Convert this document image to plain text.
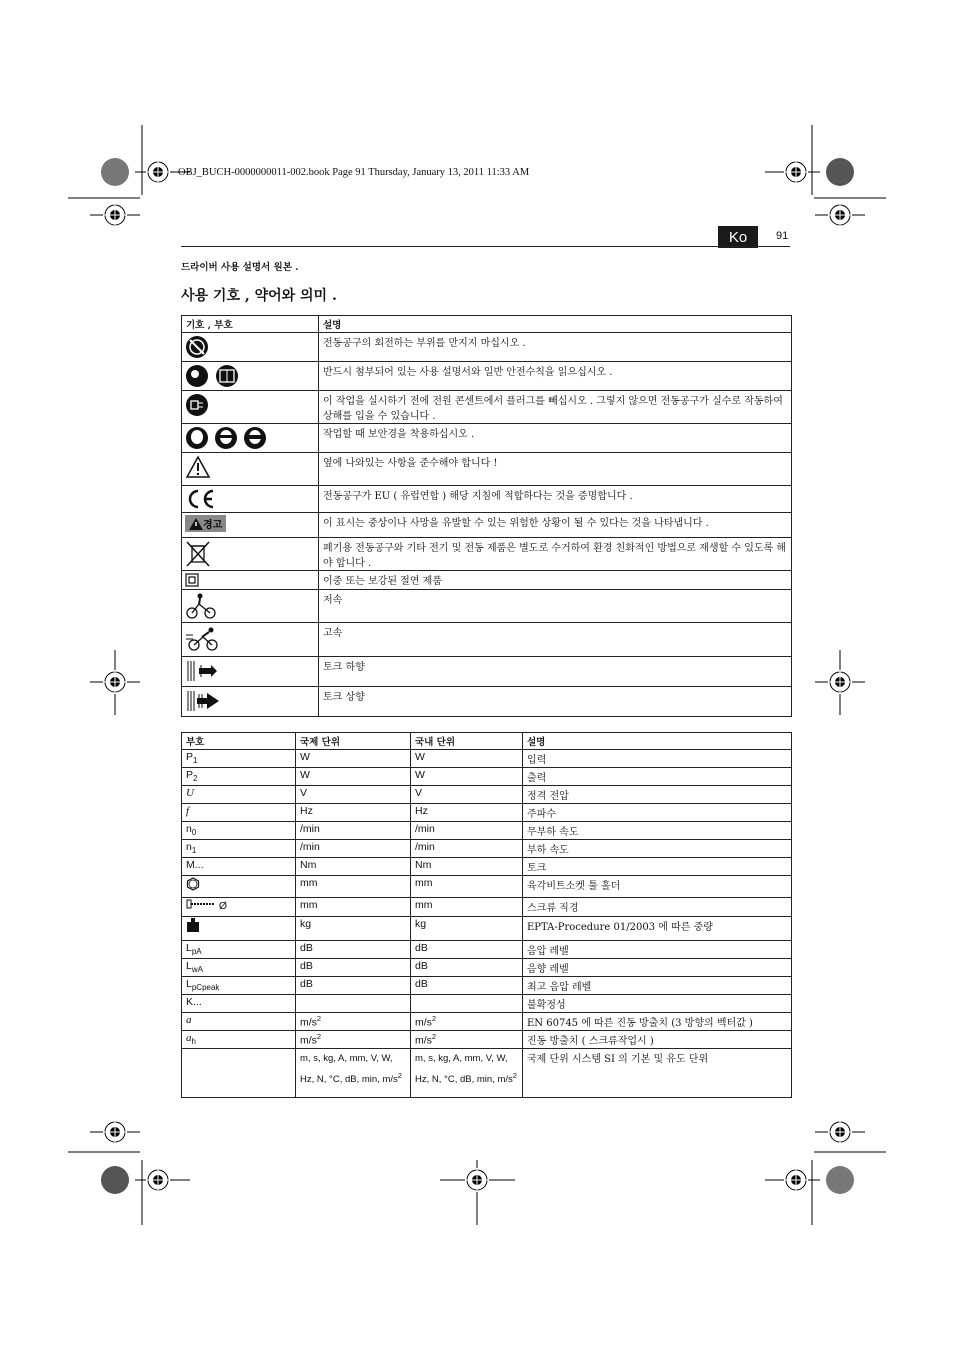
OBJ_BUCH-0000000011-002.book Page 91 Thursday, January 13, 2011 11:33 AM
Ko	91
드라이버 사용 설명서 원본 .
사용 기호 , 약어와 의미 .
기호 , 부호	설명
	전동공구의 회전하는 부위를 만지지 마십시오 .
	반드시 첨부되어 있는 사용 설명서와 일반 안전수칙을 읽으십시오 .
	이 작업을 실시하기 전에 전원 콘센트에서 플러그를 빼십시오 . 그렇지 않으면 전동공구가 실수로 작동하여 상해를 입을 수 있습니다 .
	작업할 때 보안경을 착용하십시오 .
	옆에 나와있는 사항을 준수해야 합니다 !
	전동공구가 EU ( 유럽연합 ) 해당 지침에 적합하다는 것을 증명합니다 .
경고	이 표시는 중상이나 사망을 유발할 수 있는 위험한 상황이 될 수 있다는 것을 나타냅니다 .
	폐기용 전동공구와 기타 전기 및 전동 제품은 별도로 수거하여 환경 친화적인 방법으로 재생할 수 있도록 해야 합니다 .
	이중 또는 보강된 절연 제품
	저속
	고속
	토크 하향
	토크 상향
부호	국제 단위	국내 단위	설명
$P_1$	W	W	입력
$P_2$	W	W	출력
U	V	V	정격 전압
f	Hz	Hz	주파수
$n_0$	/min	/min	무부하 속도
$n_1$	/min	/min	부하 속도
M...	Nm	Nm	토크
	mm	mm	육각비트소켓 툴 홀더
Ø	mm	mm	스크류 직경
	kg	kg	EPTA-Procedure 01/2003 에 따른 중량
$L_{pA}$	dB	dB	음압 레벨
$L_{wA}$	dB	dB	음향 레벨
$L_{pCpeak}$	dB	dB	최고 음압 레벨
K...			불확정성
a	$m/s^2$	$m/s^2$	EN 60745 에 따른 진동 방출치 (3 방향의 벡터값 )
$a_h$	$m/s^2$	$m/s^2$	진동 방출치 ( 스크류작업시 )
	m, s, kg, A, mm, V, W, Hz, N, °C, dB, min, $m/s^2$	m, s, kg, A, mm, V, W, Hz, N, °C, dB, min, $m/s^2$	국제 단위 시스템 SI 의 기본 및 유도 단위
